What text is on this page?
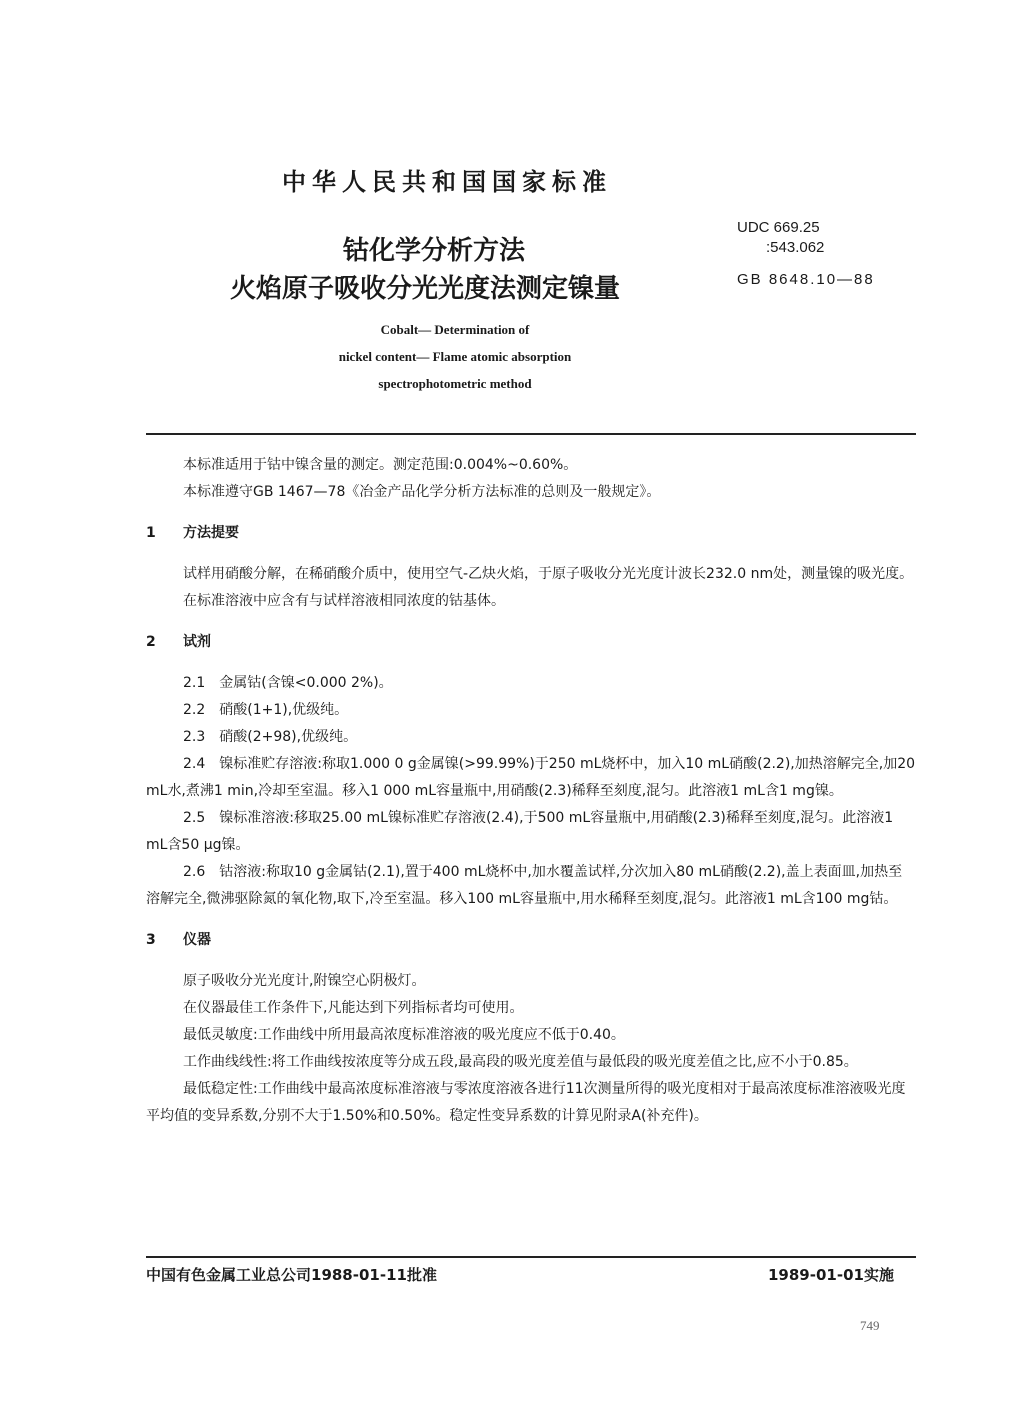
中华人民共和国国家标准
钴化学分析方法
火焰原子吸收分光光度法测定镍量
UDC 669.25
:543.062
GB 8648.10—88
Cobalt— Determination of
nickel content— Flame atomic absorption
spectrophotometric method

本标准适用于钴中镍含量的测定。测定范围:0.004%~0.60%。

本标准遵守GB 1467—78《冶金产品化学分析方法标准的总则及一般规定》。

1 方法提要

试样用硝酸分解，在稀硝酸介质中，使用空气-乙炔火焰，于原子吸收分光光度计波长232.0 nm处，测量镍的吸光度。

在标准溶液中应含有与试样溶液相同浓度的钴基体。

2 试剂

2.1　金属钴(含镍<0.000 2%)。

2.2　硝酸(1+1),优级纯。

2.3　硝酸(2+98),优级纯。

2.4　镍标准贮存溶液:称取1.000 0 g金属镍(>99.99%)于250 mL烧杯中，加入10 mL硝酸(2.2),加热溶解完全,加20 mL水,煮沸1 min,冷却至室温。移入1 000 mL容量瓶中,用硝酸(2.3)稀释至刻度,混匀。此溶液1 mL含1 mg镍。

2.5　镍标准溶液:移取25.00 mL镍标准贮存溶液(2.4),于500 mL容量瓶中,用硝酸(2.3)稀释至刻度,混匀。此溶液1 mL含50 μg镍。

2.6　钴溶液:称取10 g金属钴(2.1),置于400 mL烧杯中,加水覆盖试样,分次加入80 mL硝酸(2.2),盖上表面皿,加热至溶解完全,微沸驱除氮的氧化物,取下,冷至室温。移入100 mL容量瓶中,用水稀释至刻度,混匀。此溶液1 mL含100 mg钴。

3 仪器

原子吸收分光光度计,附镍空心阴极灯。

在仪器最佳工作条件下,凡能达到下列指标者均可使用。

最低灵敏度:工作曲线中所用最高浓度标准溶液的吸光度应不低于0.40。

工作曲线线性:将工作曲线按浓度等分成五段,最高段的吸光度差值与最低段的吸光度差值之比,应不小于0.85。

最低稳定性:工作曲线中最高浓度标准溶液与零浓度溶液各进行11次测量所得的吸光度相对于最高浓度标准溶液吸光度平均值的变异系数,分别不大于1.50%和0.50%。稳定性变异系数的计算见附录A(补充件)。

中国有色金属工业总公司1988-01-11批准	1989-01-01实施
749
